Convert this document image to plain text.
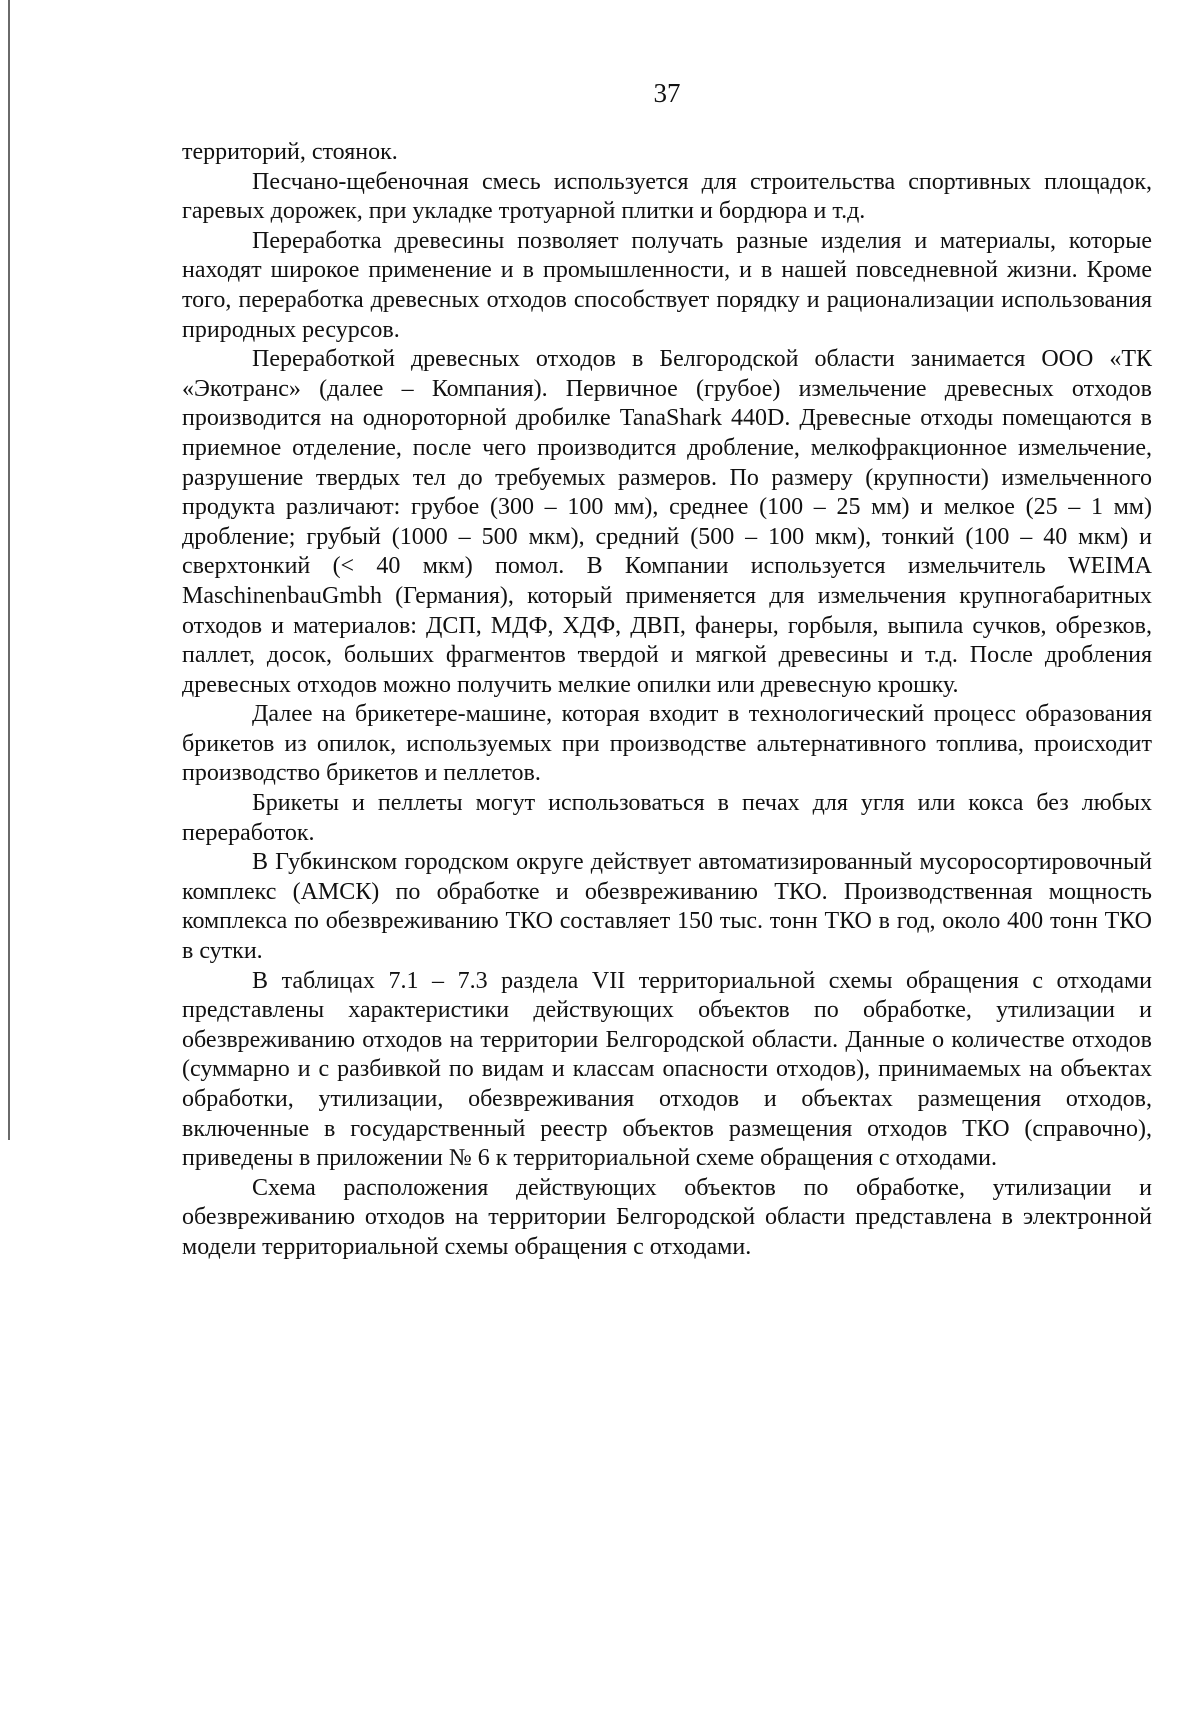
37

территорий, стоянок.

Песчано-щебеночная смесь используется для строительства спортивных площадок, гаревых дорожек, при укладке тротуарной плитки и бордюра и т.д.

Переработка древесины позволяет получать разные изделия и материалы, которые находят широкое применение и в промышленности, и в нашей повседневной жизни. Кроме того, переработка древесных отходов способствует порядку и рационализации использования природных ресурсов.

Переработкой древесных отходов в Белгородской области занимается ООО «ТК «Экотранс» (далее – Компания). Первичное (грубое) измельчение древесных отходов производится на однороторной дробилке TanaShark 440D. Древесные отходы помещаются в приемное отделение, после чего производится дробление, мелкофракционное измельчение, разрушение твердых тел до требуемых размеров. По размеру (крупности) измельченного продукта различают: грубое (300 – 100 мм), среднее (100 – 25 мм) и мелкое (25 – 1 мм) дробление; грубый (1000 – 500 мкм), средний (500 – 100 мкм), тонкий (100 – 40 мкм) и сверхтонкий (< 40 мкм) помол. В Компании используется измельчитель WEIMA MaschinenbauGmbh (Германия), который применяется для измельчения крупногабаритных отходов и материалов: ДСП, МДФ, ХДФ, ДВП, фанеры, горбыля, выпила сучков, обрезков, паллет, досок, больших фрагментов твердой и мягкой древесины и т.д. После дробления древесных отходов можно получить мелкие опилки или древесную крошку.

Далее на брикетере-машине, которая входит в технологический процесс образования брикетов из опилок, используемых при производстве альтернативного топлива, происходит производство брикетов и пеллетов.

Брикеты и пеллеты могут использоваться в печах для угля или кокса без любых переработок.

В Губкинском городском округе действует автоматизированный мусоросортировочный комплекс (АМСК) по обработке и обезвреживанию ТКО. Производственная мощность комплекса по обезвреживанию ТКО составляет 150 тыс. тонн ТКО в год, около 400 тонн ТКО в сутки.

В таблицах 7.1 – 7.3 раздела VII территориальной схемы обращения с отходами представлены характеристики действующих объектов по обработке, утилизации и обезвреживанию отходов на территории Белгородской области. Данные о количестве отходов (суммарно и с разбивкой по видам и классам опасности отходов), принимаемых на объектах обработки, утилизации, обезвреживания отходов и объектах размещения отходов, включенные в государственный реестр объектов размещения отходов ТКО (справочно), приведены в приложении № 6 к территориальной схеме обращения с отходами.

Схема расположения действующих объектов по обработке, утилизации и обезвреживанию отходов на территории Белгородской области представлена в электронной модели территориальной схемы обращения с отходами.
